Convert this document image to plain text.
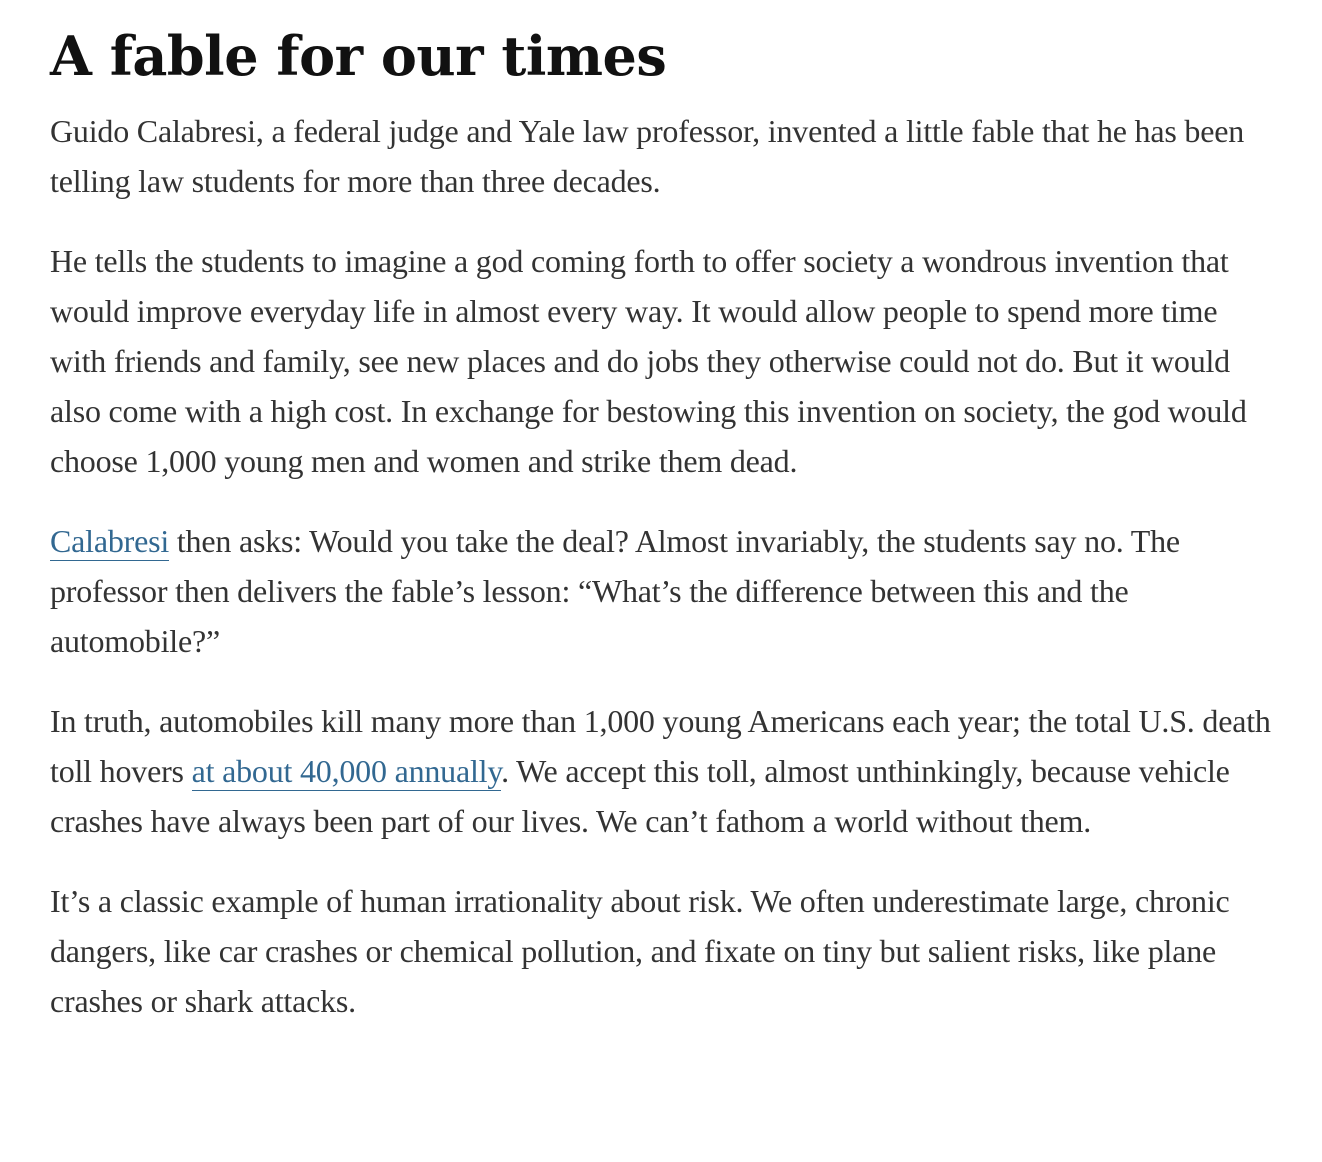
A fable for our times

Guido Calabresi, a federal judge and Yale law professor, invented a little fable that he has been telling law students for more than three decades.

He tells the students to imagine a god coming forth to offer society a wondrous invention that would improve everyday life in almost every way. It would allow people to spend more time with friends and family, see new places and do jobs they otherwise could not do. But it would also come with a high cost. In exchange for bestowing this invention on society, the god would choose 1,000 young men and women and strike them dead.

Calabresi then asks: Would you take the deal? Almost invariably, the students say no. The professor then delivers the fable’s lesson: “What’s the difference between this and the automobile?”

In truth, automobiles kill many more than 1,000 young Americans each year; the total U.S. death toll hovers at about 40,000 annually. We accept this toll, almost unthinkingly, because vehicle crashes have always been part of our lives. We can’t fathom a world without them.

It’s a classic example of human irrationality about risk. We often underestimate large, chronic dangers, like car crashes or chemical pollution, and fixate on tiny but salient risks, like plane crashes or shark attacks.
